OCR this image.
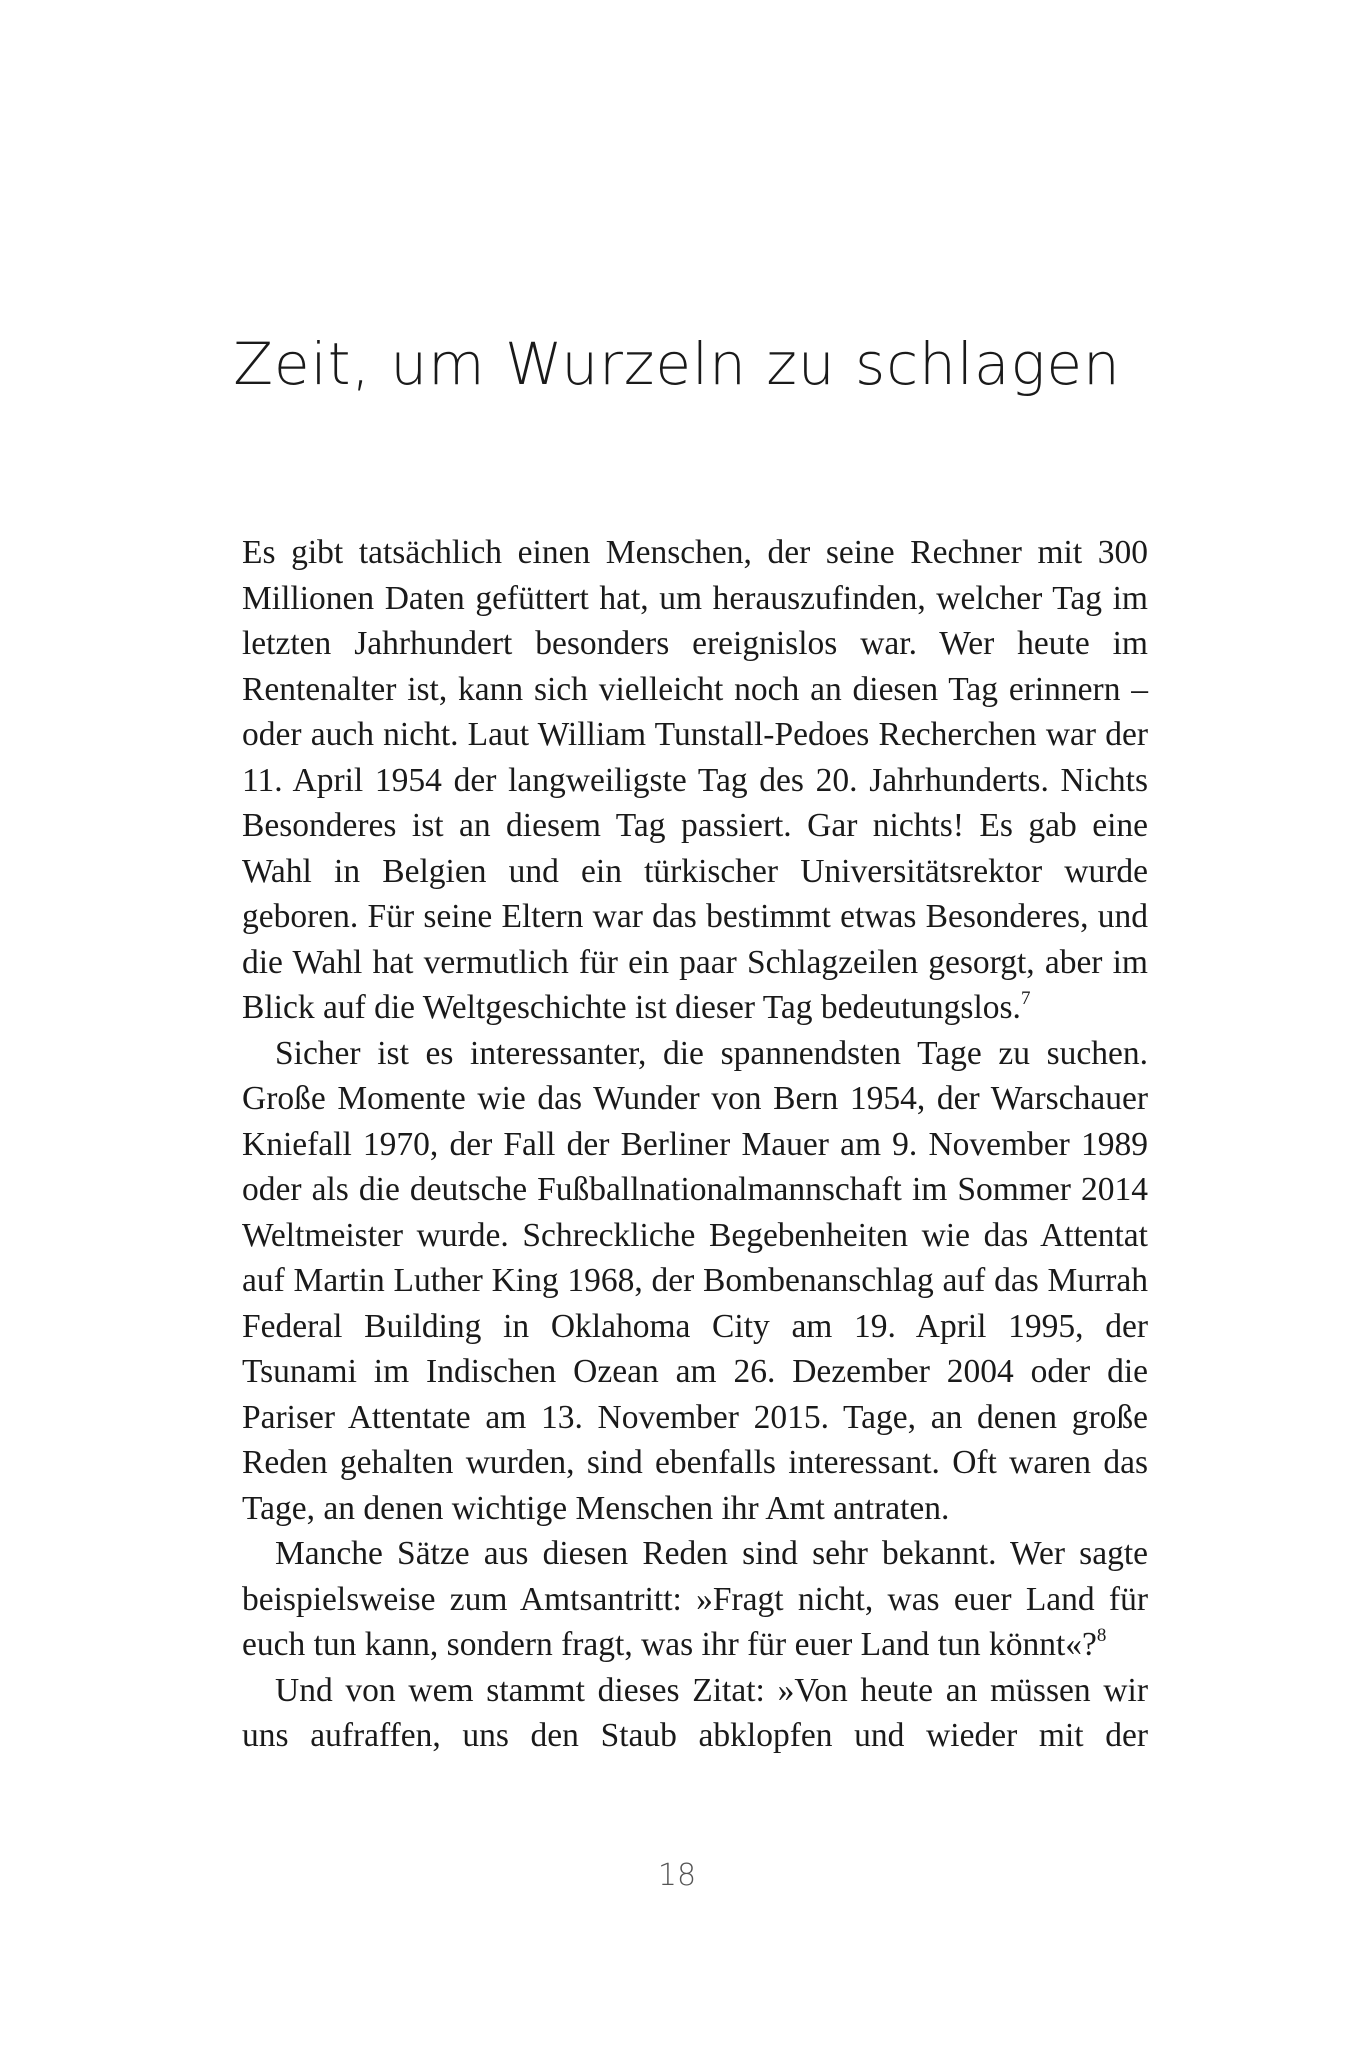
Zeit, um Wurzeln zu schlagen

Es gibt tatsächlich einen Menschen, der seine Rechner mit 300 Millionen Daten gefüttert hat, um herauszufinden, welcher Tag im letzten Jahrhundert besonders ereignislos war. Wer heute im Rentenalter ist, kann sich vielleicht noch an diesen Tag erinnern – oder auch nicht. Laut William Tunstall-Pedoes Recherchen war der 11. April 1954 der langweiligste Tag des 20. Jahrhunderts. Nichts Besonderes ist an diesem Tag passiert. Gar nichts! Es gab eine Wahl in Belgien und ein türkischer Universitätsrektor wurde geboren. Für seine Eltern war das bestimmt etwas Besonderes, und die Wahl hat vermutlich für ein paar Schlagzeilen gesorgt, aber im Blick auf die Weltgeschichte ist dieser Tag bedeutungslos.$^7$

Sicher ist es interessanter, die spannendsten Tage zu suchen. Große Momente wie das Wunder von Bern 1954, der Warschauer Kniefall 1970, der Fall der Berliner Mauer am 9. November 1989 oder als die deutsche Fußballnationalmannschaft im Sommer 2014 Weltmeister wurde. Schreckliche Begebenheiten wie das Attentat auf Martin Luther King 1968, der Bombenanschlag auf das Murrah Federal Building in Oklahoma City am 19. April 1995, der Tsunami im Indischen Ozean am 26. Dezember 2004 oder die Pariser Attentate am 13. November 2015. Tage, an denen große Reden gehalten wurden, sind ebenfalls interessant. Oft waren das Tage, an denen wichtige Menschen ihr Amt antraten.

Manche Sätze aus diesen Reden sind sehr bekannt. Wer sagte beispielsweise zum Amtsantritt: »Fragt nicht, was euer Land für euch tun kann, sondern fragt, was ihr für euer Land tun könnt«?$^8$

Und von wem stammt dieses Zitat: »Von heute an müssen wir uns aufraffen, uns den Staub abklopfen und wieder mit der

18
